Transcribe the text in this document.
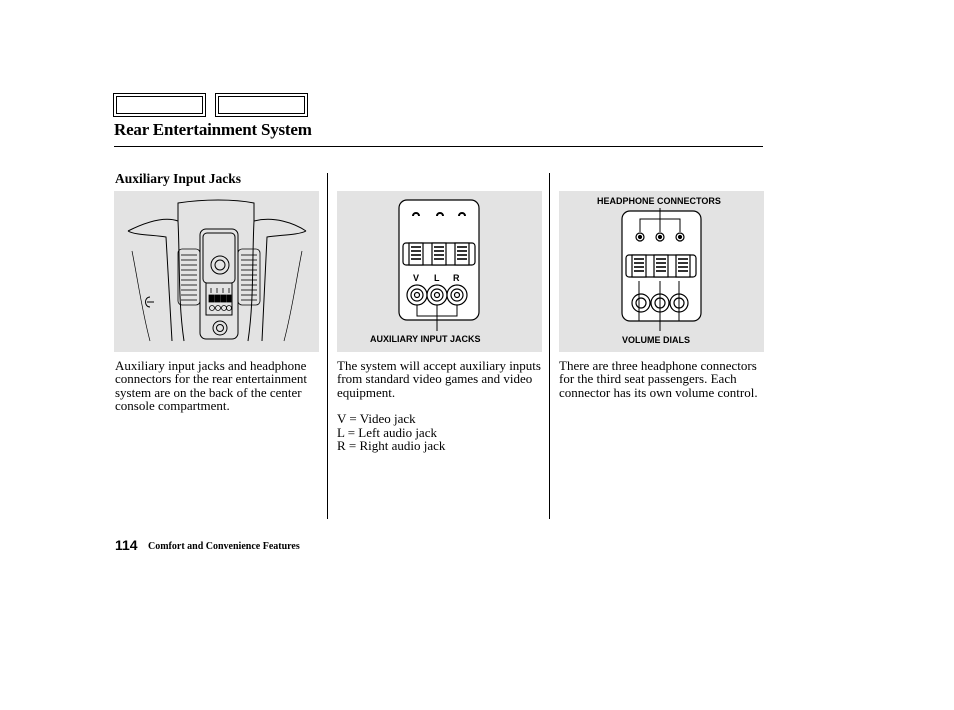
Rear Entertainment System
Auxiliary Input Jacks
V L R
AUXILIARY INPUT JACKS
HEADPHONE CONNECTORS
VOLUME DIALS

Auxiliary input jacks and headphone connectors for the rear entertainment system are on the back of the center console compartment.

The system will accept auxiliary inputs from standard video games and video equipment.

V = Video jack

L = Left audio jack

R = Right audio jack

There are three headphone connectors for the third seat passengers. Each connector has its own volume control.

114 Comfort and Convenience Features
